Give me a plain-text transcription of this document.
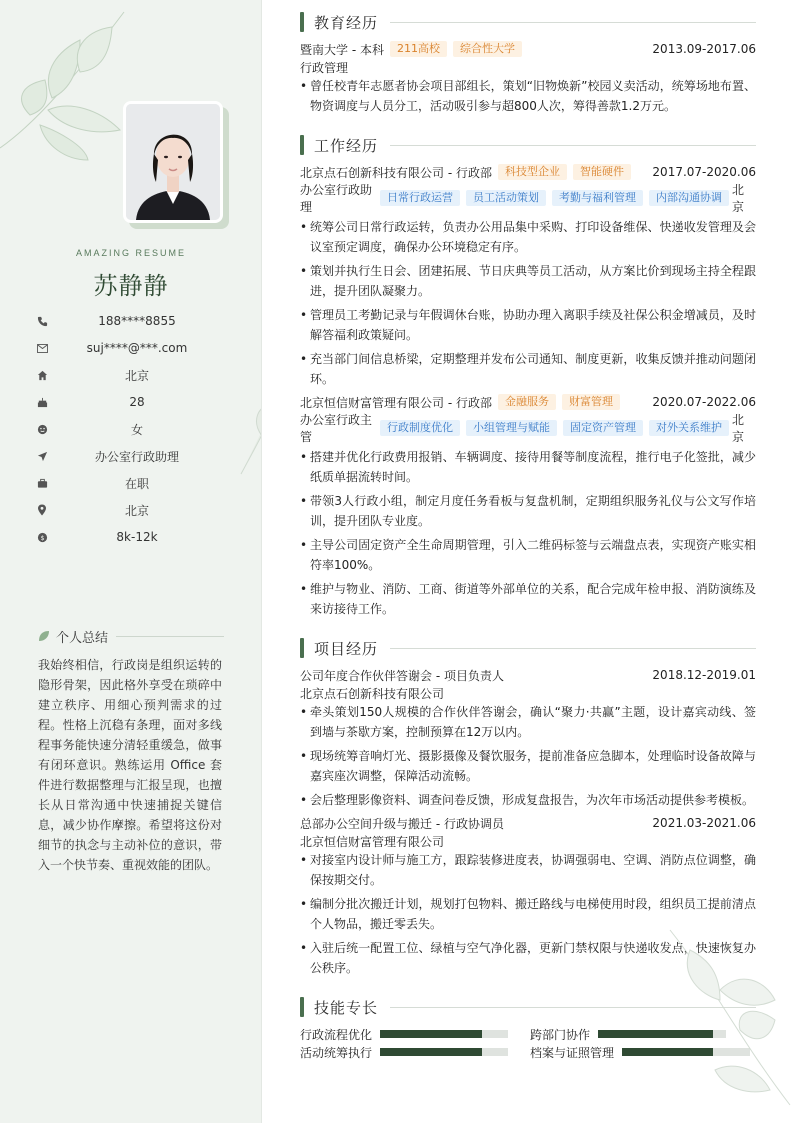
AMAZING RESUME
苏静静
188****8855
suj****@***.com
北京
28
女
办公室行政助理
在职
北京
$	8k-12k
个人总结
我始终相信，行政岗是组织运转的隐形骨架，因此格外享受在琐碎中建立秩序、用细心预判需求的过程。性格上沉稳有条理，面对多线程事务能快速分清轻重缓急，做事有闭环意识。熟练运用 Office 套件进行数据整理与汇报呈现，也擅长从日常沟通中快速捕捉关键信息，减少协作摩擦。希望将这份对细节的执念与主动补位的意识，带入一个快节奏、重视效能的团队。
教育经历
暨南大学 - 本科	211高校	综合性大学	2013.09-2017.06
行政管理
• 曾任校青年志愿者协会项目部组长，策划“旧物焕新”校园义卖活动，统筹场地布置、物资调度与人员分工，活动吸引参与超800人次，筹得善款1.2万元。
工作经历
北京点石创新科技有限公司 - 行政部	科技型企业	智能硬件	2017.07-2020.06
办公室行政助理
日常行政运营	员工活动策划	考勤与福利管理	内部沟通协调
北京
• 统筹公司日常行政运转，负责办公用品集中采购、打印设备维保、快递收发管理及会议室预定调度，确保办公环境稳定有序。
• 策划并执行生日会、团建拓展、节日庆典等员工活动，从方案比价到现场主持全程跟进，提升团队凝聚力。
• 管理员工考勤记录与年假调休台账，协助办理入离职手续及社保公积金增减员，及时解答福利政策疑问。
• 充当部门间信息桥梁，定期整理并发布公司通知、制度更新，收集反馈并推动问题闭环。
北京恒信财富管理有限公司 - 行政部	金融服务	财富管理	2020.07-2022.06
办公室行政主管
行政制度优化	小组管理与赋能	固定资产管理	对外关系维护
北京
• 搭建并优化行政费用报销、车辆调度、接待用餐等制度流程，推行电子化签批，减少纸质单据流转时间。
• 带领3人行政小组，制定月度任务看板与复盘机制，定期组织服务礼仪与公文写作培训，提升团队专业度。
• 主导公司固定资产全生命周期管理，引入二维码标签与云端盘点表，实现资产账实相符率100%。
• 维护与物业、消防、工商、街道等外部单位的关系，配合完成年检申报、消防演练及来访接待工作。
项目经历
公司年度合作伙伴答谢会 - 项目负责人	2018.12-2019.01
北京点石创新科技有限公司
• 牵头策划150人规模的合作伙伴答谢会，确认“聚力·共赢”主题，设计嘉宾动线、签到墙与茶歇方案，控制预算在12万以内。
• 现场统筹音响灯光、摄影摄像及餐饮服务，提前准备应急脚本，处理临时设备故障与嘉宾座次调整，保障活动流畅。
• 会后整理影像资料、调查问卷反馈，形成复盘报告，为次年市场活动提供参考模板。
总部办公空间升级与搬迁 - 行政协调员	2021.03-2021.06
北京恒信财富管理有限公司
• 对接室内设计师与施工方，跟踪装修进度表，协调强弱电、空调、消防点位调整，确保按期交付。
• 编制分批次搬迁计划，规划打包物料、搬迁路线与电梯使用时段，组织员工提前清点个人物品，搬迁零丢失。
• 入驻后统一配置工位、绿植与空气净化器，更新门禁权限与快递收发点，快速恢复办公秩序。
技能专长
行政流程优化	跨部门协作
活动统筹执行	档案与证照管理
